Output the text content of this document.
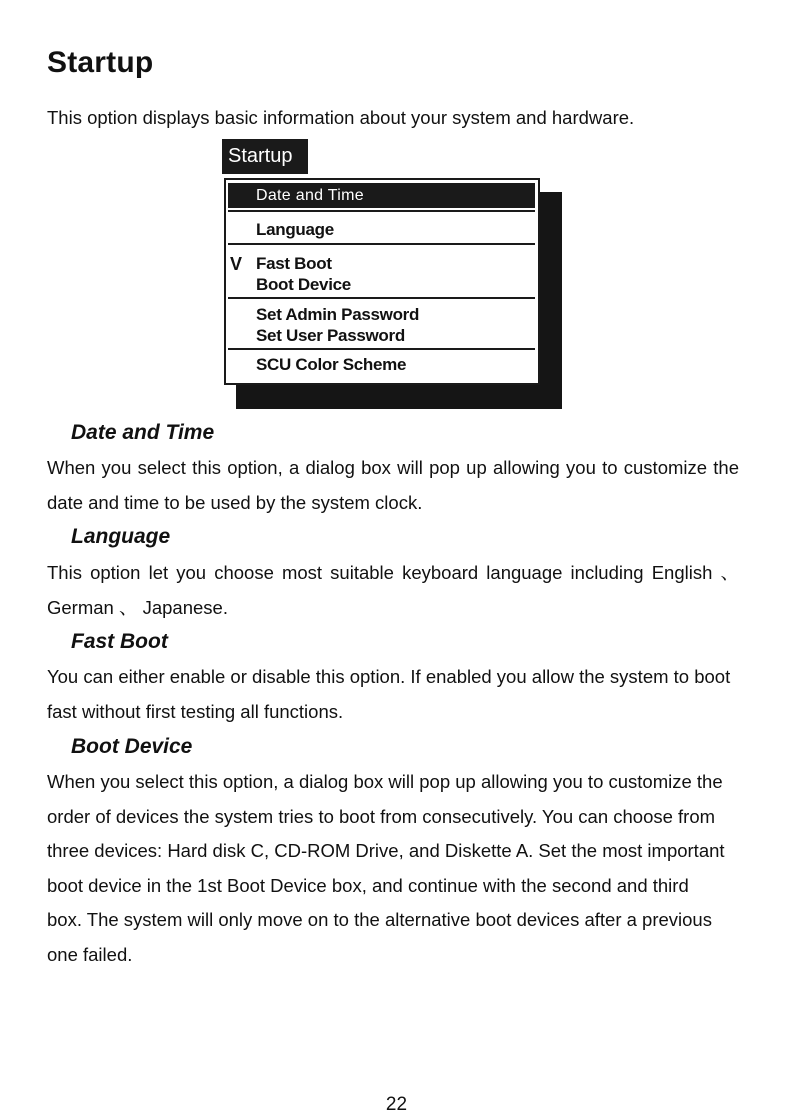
Startup
This option displays basic information about your system and hardware.
Startup
Date and Time
Language
V Fast Boot
Boot Device
Set Admin Password
Set User Password
SCU Color Scheme
Date and Time

When you select this option, a dialog box will pop up allowing you to customize the date and time to be used by the system clock.

Language

This option let you choose most suitable keyboard language including English 、 German 、 Japanese.

Fast Boot

You can either enable or disable this option. If enabled you allow the system to boot fast without first testing all functions.

Boot Device

When you select this option, a dialog box will pop up allowing you to customize the order of devices the system tries to boot from consecutively. You can choose from three devices: Hard disk C, CD-ROM Drive, and Diskette A. Set the most important boot device in the 1st Boot Device box, and continue with the second and third box. The system will only move on to the alternative boot devices after a previous one failed.

22
